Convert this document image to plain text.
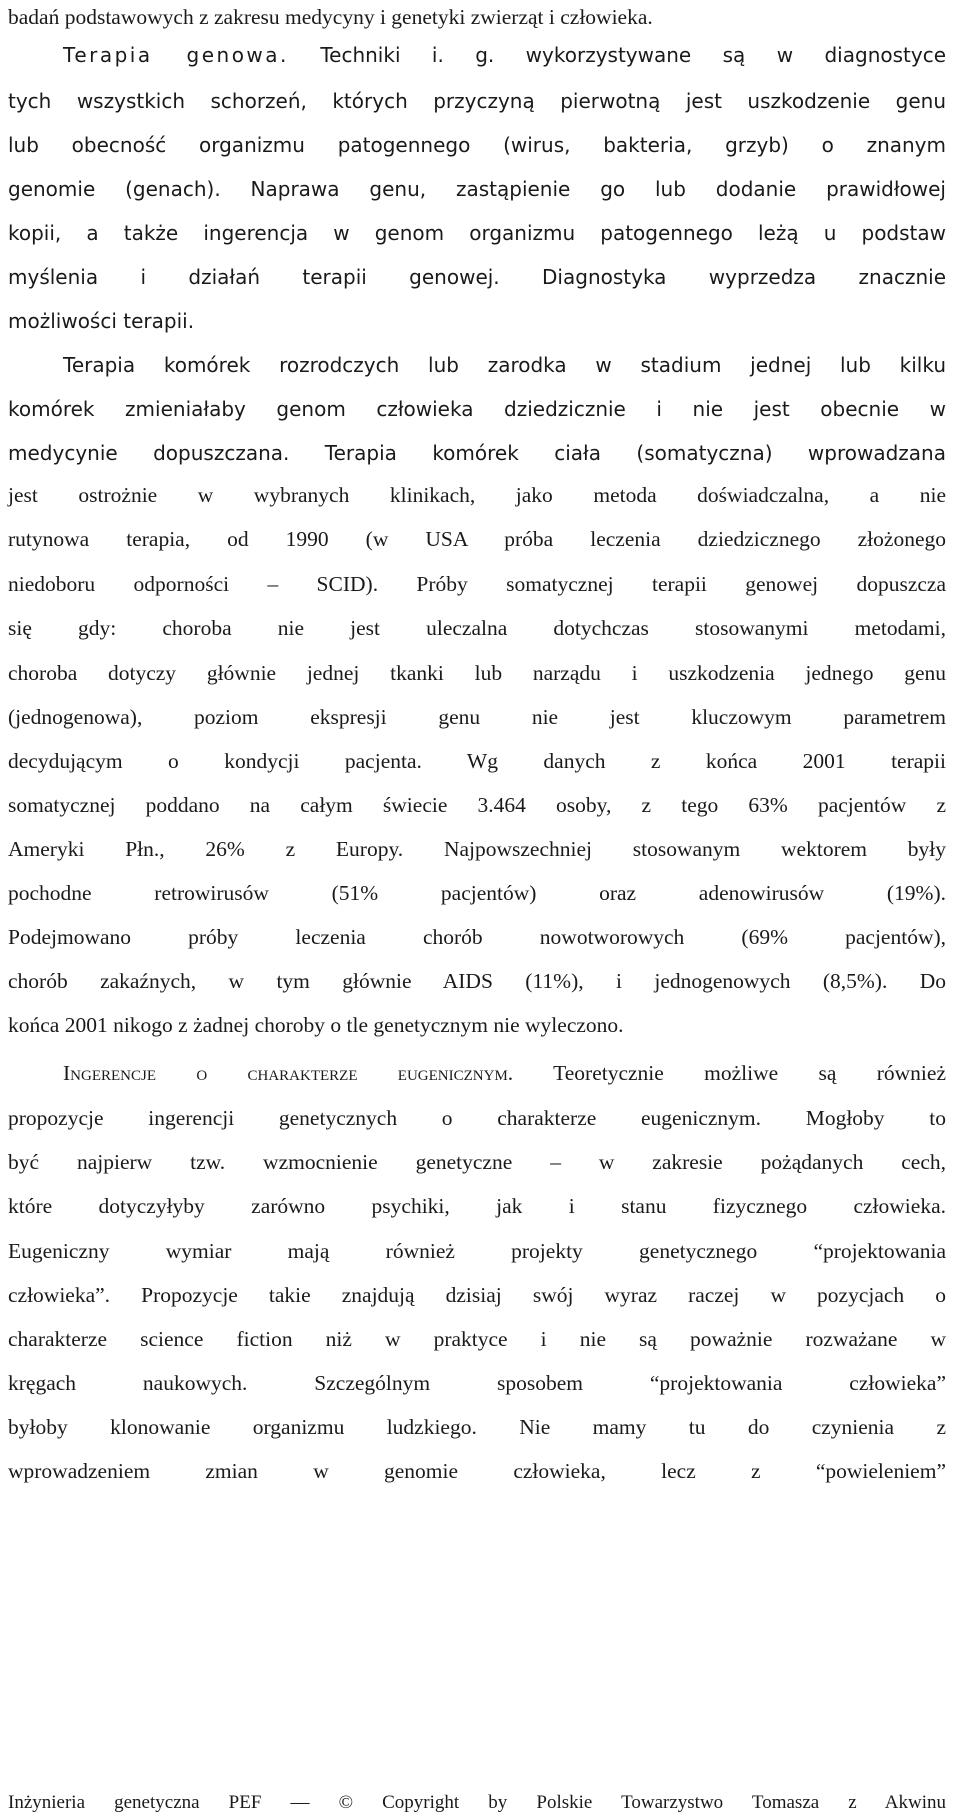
badań podstawowych z zakresu medycyny i genetyki zwierząt i człowieka.
Terapia genowa. Techniki i. g. wykorzystywane są w diagnostyce
tych wszystkich schorzeń, których przyczyną pierwotną jest uszkodzenie genu
lub obecność organizmu patogennego (wirus, bakteria, grzyb) o znanym
genomie (genach). Naprawa genu, zastąpienie go lub dodanie prawidłowej
kopii, a także ingerencja w genom organizmu patogennego leżą u podstaw
myślenia i działań terapii genowej. Diagnostyka wyprzedza znacznie
możliwości terapii.
Terapia komórek rozrodczych lub zarodka w stadium jednej lub kilku
komórek zmieniałaby genom człowieka dziedzicznie i nie jest obecnie w
medycynie dopuszczana. Terapia komórek ciała (somatyczna) wprowadzana
jest ostrożnie w wybranych klinikach, jako metoda doświadczalna, a nie
rutynowa terapia, od 1990 (w USA próba leczenia dziedzicznego złożonego
niedoboru odporności – SCID). Próby somatycznej terapii genowej dopuszcza
się gdy: choroba nie jest uleczalna dotychczas stosowanymi metodami,
choroba dotyczy głównie jednej tkanki lub narządu i uszkodzenia jednego genu
(jednogenowa), poziom ekspresji genu nie jest kluczowym parametrem
decydującym o kondycji pacjenta. Wg danych z końca 2001 terapii
somatycznej poddano na całym świecie 3.464 osoby, z tego 63% pacjentów z
Ameryki Płn., 26% z Europy. Najpowszechniej stosowanym wektorem były
pochodne retrowirusów (51% pacjentów) oraz adenowirusów (19%).
Podejmowano próby leczenia chorób nowotworowych (69% pacjentów),
chorób zakaźnych, w tym głównie AIDS (11%), i jednogenowych (8,5%). Do
końca 2001 nikogo z żadnej choroby o tle genetycznym nie wyleczono.
Ingerencje o charakterze eugenicznym. Teoretycznie możliwe są również
propozycje ingerencji genetycznych o charakterze eugenicznym. Mogłoby to
być najpierw tzw. wzmocnienie genetyczne – w zakresie pożądanych cech,
które dotyczyłyby zarówno psychiki, jak i stanu fizycznego człowieka.
Eugeniczny wymiar mają również projekty genetycznego “projektowania
człowieka”. Propozycje takie znajdują dzisiaj swój wyraz raczej w pozycjach o
charakterze science fiction niż w praktyce i nie są poważnie rozważane w
kręgach naukowych. Szczególnym sposobem “projektowania człowieka”
byłoby klonowanie organizmu ludzkiego. Nie mamy tu do czynienia z
wprowadzeniem zmian w genomie człowieka, lecz z “powieleniem”
Inżynieria genetyczna PEF — © Copyright by Polskie Towarzystwo Tomasza z Akwinu
